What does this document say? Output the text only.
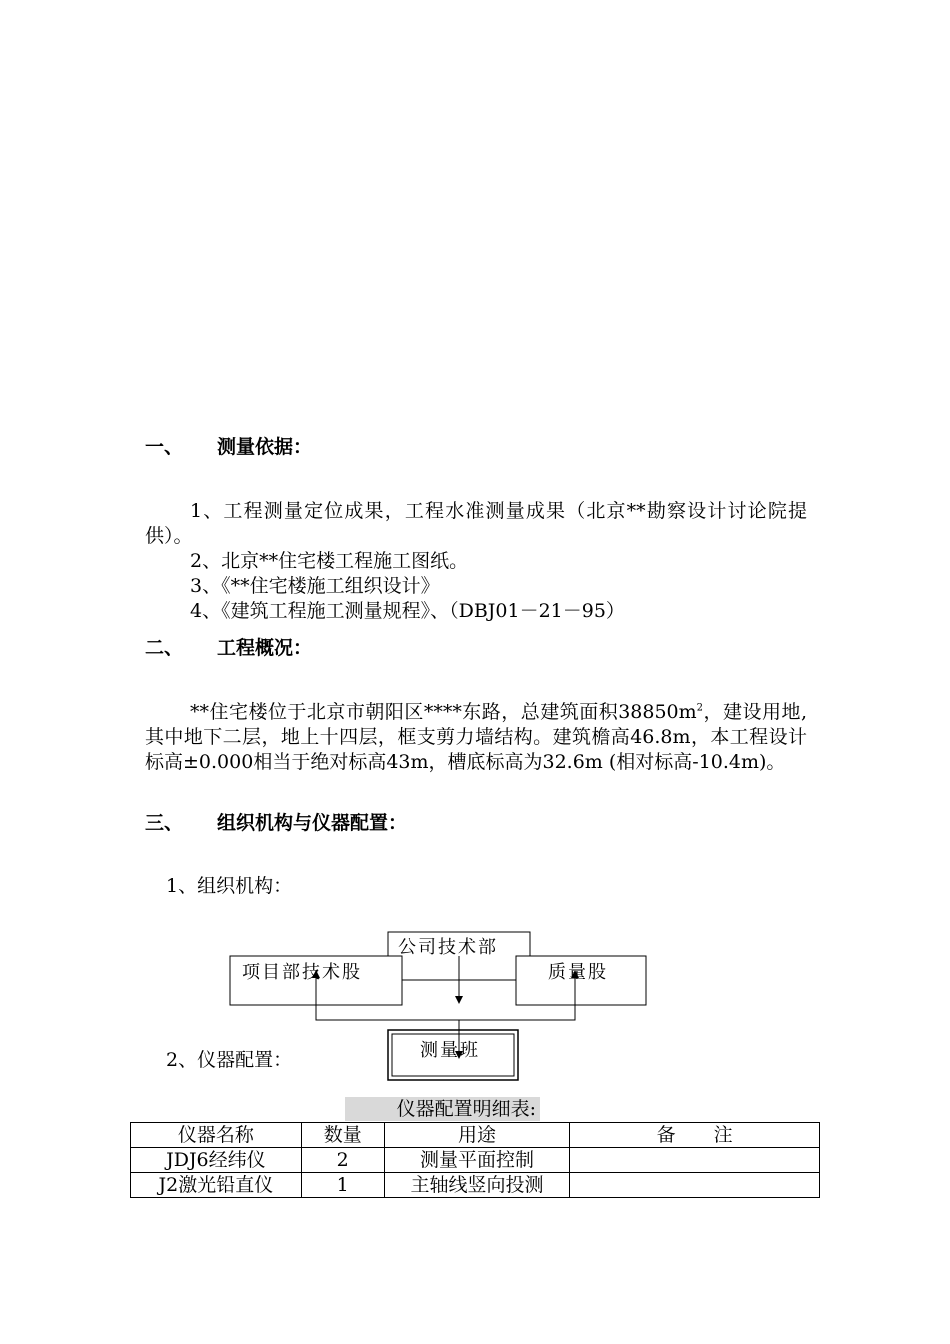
一、 测量依据：
1、工程测量定位成果，工程水准测量成果（北京**勘察设计讨论院提供）。
2、北京**住宅楼工程施工图纸。
3、《**住宅楼施工组织设计》
4、《建筑工程施工测量规程》、（DBJ01－21－95）
二、 工程概况：
**住宅楼位于北京市朝阳区****东路，总建筑面积$38850m^2$，建设用地,其中地下二层，地上十四层，框支剪力墙结构。建筑檐高46.8m，本工程设计标高±0.000相当于绝对标高43m，槽底标高为32.6m (相对标高-10.4m)。
三、 组织机构与仪器配置：
1、组织机构：
公司技术部
项目部技术股	质量股
测量班
2、仪器配置：
仪器配置明细表:
仪器名称	数量	用途	备　　注
JDJ6经纬仪	2	测量平面控制	
J2激光铅直仪	1	主轴线竖向投测	
